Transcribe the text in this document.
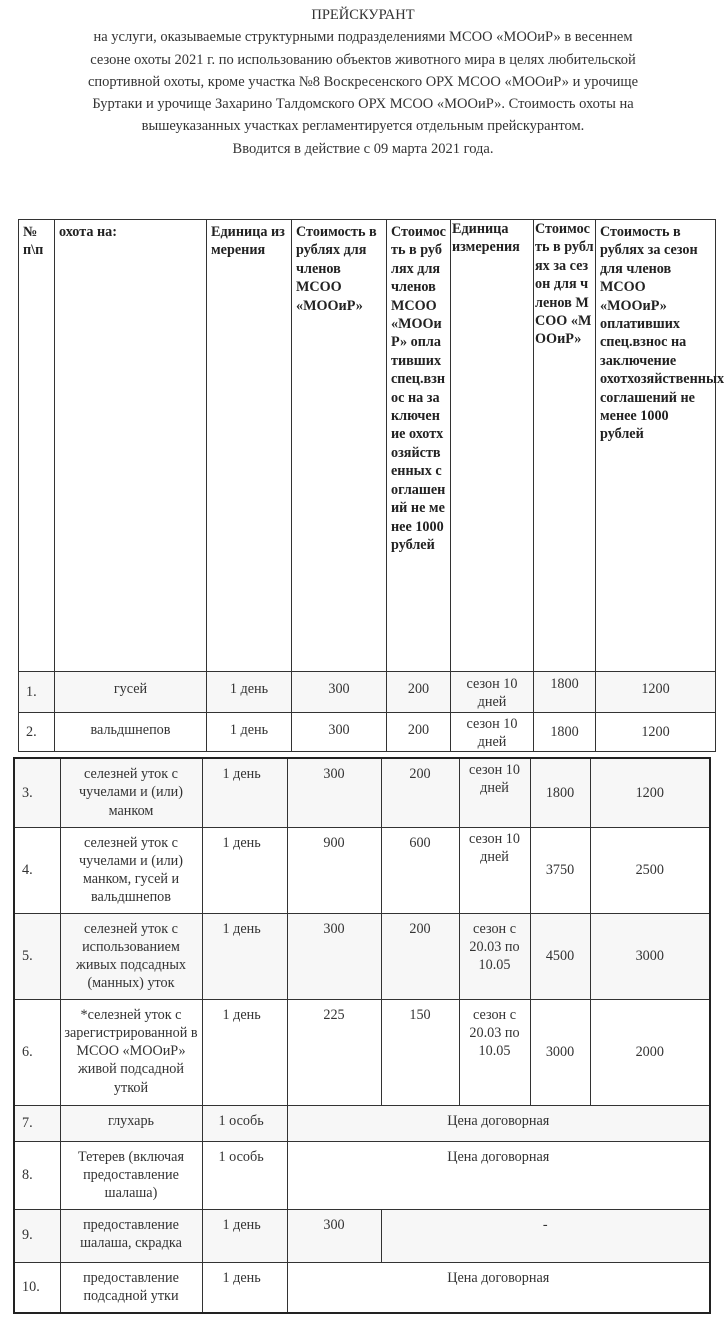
ПРЕЙСКУРАНТ
на услуги, оказываемые структурными подразделениями МСОО «МООиР» в весеннем
сезоне охоты 2021 г. по использованию объектов животного мира в целях любительской
спортивной охоты, кроме участка №8 Воскресенского ОРХ МСОО «МООиР» и урочище
Буртаки и урочище Захарино Талдомского ОРХ МСОО «МООиР». Стоимость охоты на
вышеуказанных участках регламентируется отдельным прейскурантом.
Вводится в действие с 09 марта 2021 года.
№ п\п	охота на:	Единица измерения	Стоимость в рублях для членов МСОО «МООиР»	Стоимость в рублях для членов МСОО «МООиР» оплативших спец.взнос на заключение охотхозяйственных соглашений не менее 1000 рублей	Единица измерения	Стоимость в рублях за сезон для членов МСОО «МООиР»	Стоимость в рублях за сезон для членов МСОО «МООиР» оплативших спец.взнос на заключение охотхозяйственных соглашений не менее 1000 рублей
1.	гусей	1 день	300	200	сезон 10 дней	1800	1200
2.	вальдшнепов	1 день	300	200	сезон 10 дней	1800	1200
3.	селезней уток с чучелами и (или) манком	1 день	300	200	сезон 10 дней	1800	1200
4.	селезней уток с чучелами и (или) манком, гусей и вальдшнепов	1 день	900	600	сезон 10 дней	3750	2500
5.	селезней уток с использованием живых подсадных (манных) уток	1 день	300	200	сезон с 20.03 по 10.05	4500	3000
6.	*селезней уток с зарегистрированной в МСОО «МООиР» живой подсадной уткой	1 день	225	150	сезон с 20.03 по 10.05	3000	2000
7.	глухарь	1 особь	Цена договорная				
8.	Тетерев (включая предоставление шалаша)	1 особь	Цена договорная				
9.	предоставление шалаша, скрадка	1 день	300	-			
10.	предоставление подсадной утки	1 день	Цена договорная				
